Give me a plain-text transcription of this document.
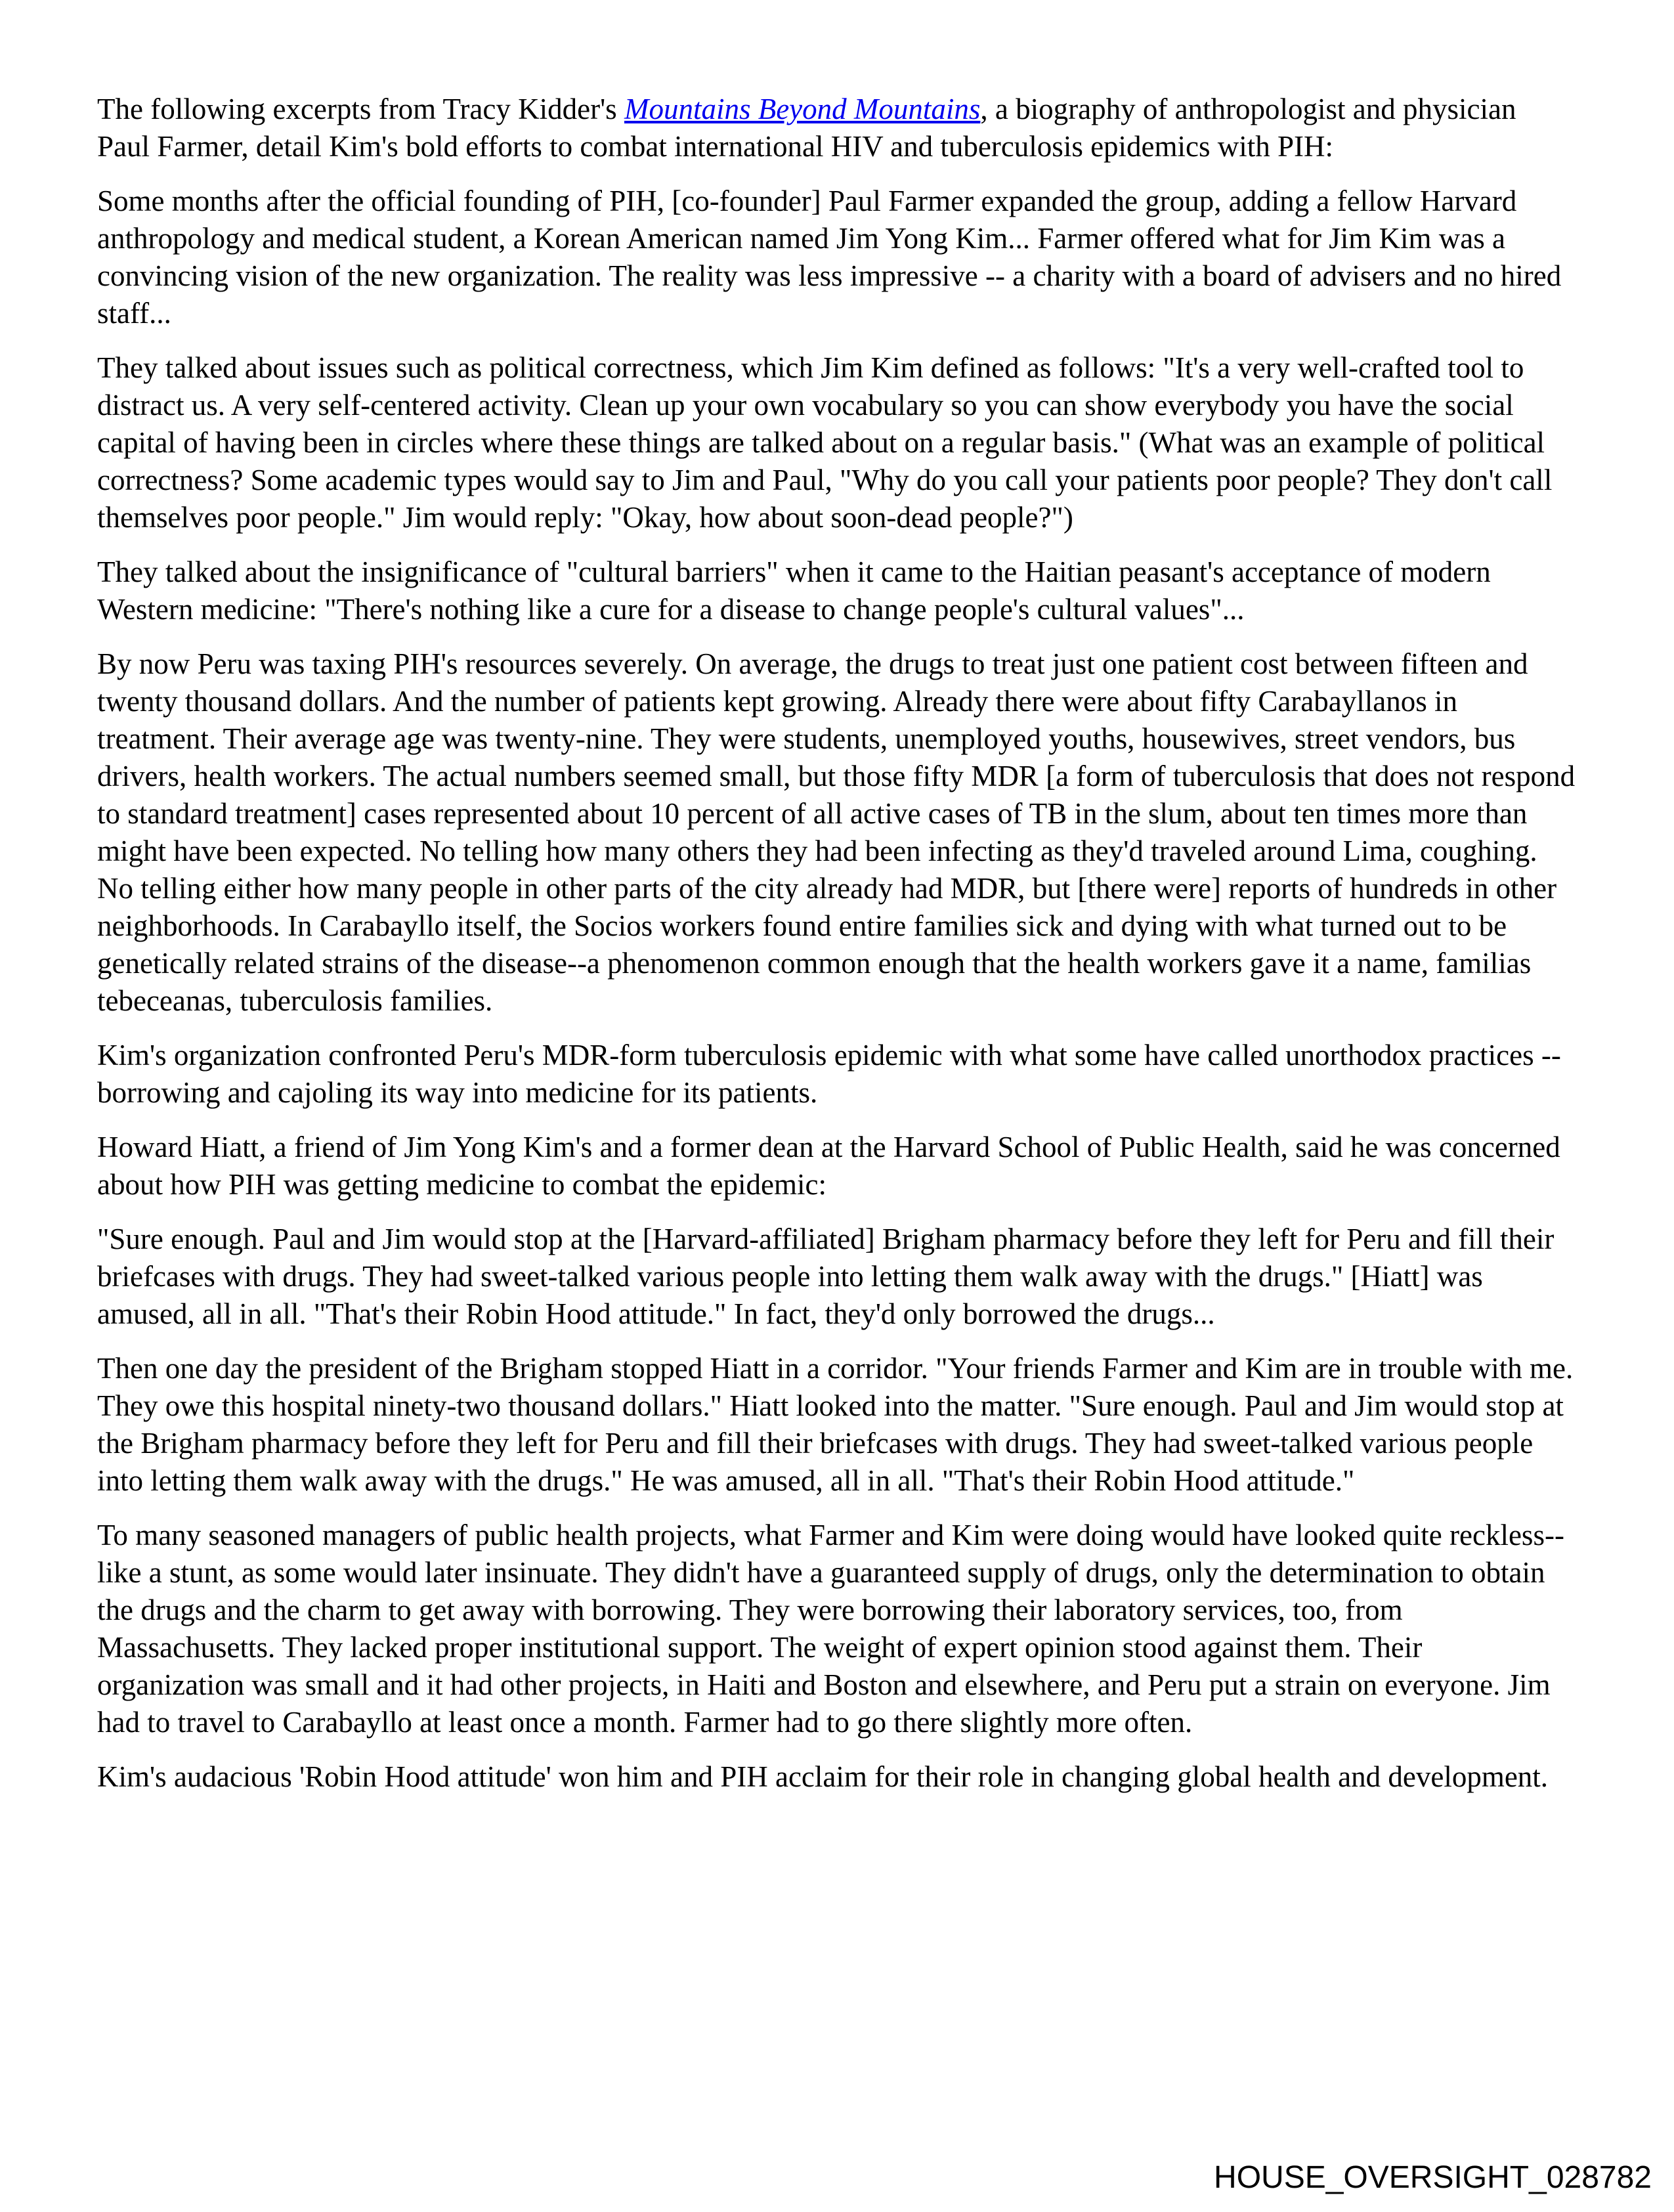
The following excerpts from Tracy Kidder's Mountains Beyond Mountains, a biography of anthropologist and physician Paul Farmer, detail Kim's bold efforts to combat international HIV and tuberculosis epidemics with PIH:

Some months after the official founding of PIH, [co-founder] Paul Farmer expanded the group, adding a fellow Harvard anthropology and medical student, a Korean American named Jim Yong Kim... Farmer offered what for Jim Kim was a convincing vision of the new organization. The reality was less impressive -- a charity with a board of advisers and no hired staff...

They talked about issues such as political correctness, which Jim Kim defined as follows: "It's a very well-crafted tool to distract us. A very self-centered activity. Clean up your own vocabulary so you can show everybody you have the social capital of having been in circles where these things are talked about on a regular basis." (What was an example of political correctness? Some academic types would say to Jim and Paul, "Why do you call your patients poor people? They don't call themselves poor people." Jim would reply: "Okay, how about soon-dead people?")

They talked about the insignificance of "cultural barriers" when it came to the Haitian peasant's acceptance of modern Western medicine: "There's nothing like a cure for a disease to change people's cultural values"...

By now Peru was taxing PIH's resources severely. On average, the drugs to treat just one patient cost between fifteen and twenty thousand dollars. And the number of patients kept growing. Already there were about fifty Carabayllanos in treatment. Their average age was twenty-nine. They were students, unemployed youths, housewives, street vendors, bus drivers, health workers. The actual numbers seemed small, but those fifty MDR [a form of tuberculosis that does not respond to standard treatment] cases represented about 10 percent of all active cases of TB in the slum, about ten times more than might have been expected. No telling how many others they had been infecting as they'd traveled around Lima, coughing. No telling either how many people in other parts of the city already had MDR, but [there were] reports of hundreds in other neighborhoods. In Carabayllo itself, the Socios workers found entire families sick and dying with what turned out to be genetically related strains of the disease--a phenomenon common enough that the health workers gave it a name, familias tebeceanas, tuberculosis families.

Kim's organization confronted Peru's MDR-form tuberculosis epidemic with what some have called unorthodox practices -- borrowing and cajoling its way into medicine for its patients.

Howard Hiatt, a friend of Jim Yong Kim's and a former dean at the Harvard School of Public Health, said he was concerned about how PIH was getting medicine to combat the epidemic:

"Sure enough. Paul and Jim would stop at the [Harvard-affiliated] Brigham pharmacy before they left for Peru and fill their briefcases with drugs. They had sweet-talked various people into letting them walk away with the drugs." [Hiatt] was amused, all in all. "That's their Robin Hood attitude." In fact, they'd only borrowed the drugs...

Then one day the president of the Brigham stopped Hiatt in a corridor. "Your friends Farmer and Kim are in trouble with me. They owe this hospital ninety-two thousand dollars." Hiatt looked into the matter. "Sure enough. Paul and Jim would stop at the Brigham pharmacy before they left for Peru and fill their briefcases with drugs. They had sweet-talked various people into letting them walk away with the drugs." He was amused, all in all. "That's their Robin Hood attitude."

To many seasoned managers of public health projects, what Farmer and Kim were doing would have looked quite reckless--like a stunt, as some would later insinuate. They didn't have a guaranteed supply of drugs, only the determination to obtain the drugs and the charm to get away with borrowing. They were borrowing their laboratory services, too, from Massachusetts. They lacked proper institutional support. The weight of expert opinion stood against them. Their organization was small and it had other projects, in Haiti and Boston and elsewhere, and Peru put a strain on everyone. Jim had to travel to Carabayllo at least once a month. Farmer had to go there slightly more often.

Kim's audacious 'Robin Hood attitude' won him and PIH acclaim for their role in changing global health and development.

HOUSE_OVERSIGHT_028782
